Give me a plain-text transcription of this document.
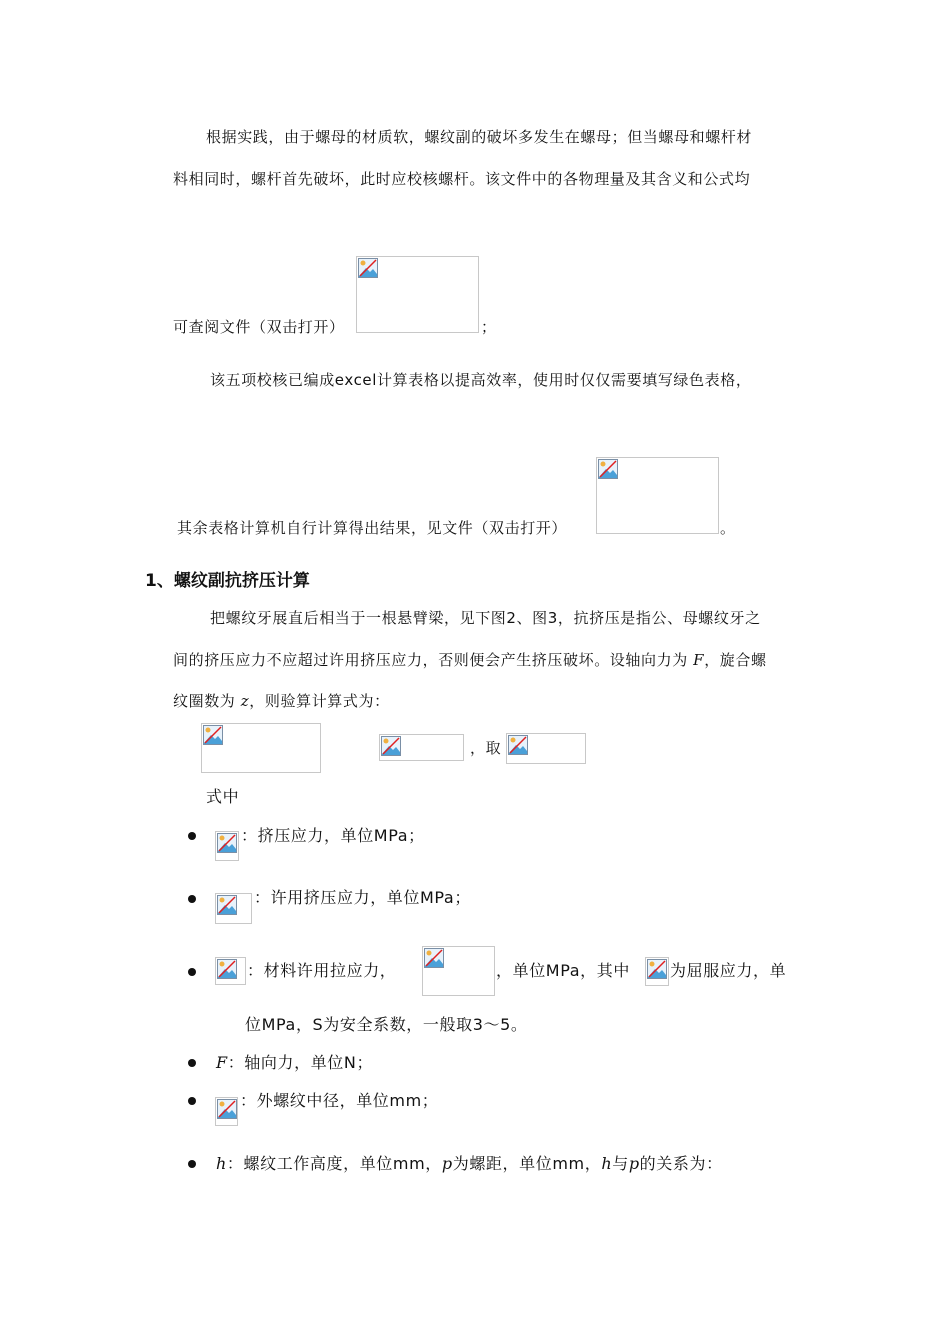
根据实践，由于螺母的材质软，螺纹副的破坏多发生在螺母；但当螺母和螺杆材
料相同时，螺杆首先破坏，此时应校核螺杆。该文件中的各物理量及其含义和公式均
可查阅文件（双击打开）	；
该五项校核已编成excel计算表格以提高效率，使用时仅仅需要填写绿色表格，
其余表格计算机自行计算得出结果，见文件（双击打开）	。
1、螺纹副抗挤压计算
把螺纹牙展直后相当于一根悬臂梁，见下图2、图3，抗挤压是指公、母螺纹牙之
间的挤压应力不应超过许用挤压应力，否则便会产生挤压破坏。设轴向力为 F，旋合螺
纹圈数为 z，则验算计算式为：
，取
式中
：挤压应力，单位MPa；
：许用挤压应力，单位MPa；
：材料许用拉应力，	，单位MPa，其中	为屈服应力，单
位MPa，S为安全系数，一般取3～5。
F：轴向力，单位N；
：外螺纹中径，单位mm；
h：螺纹工作高度，单位mm，p为螺距，单位mm，h与p的关系为：
